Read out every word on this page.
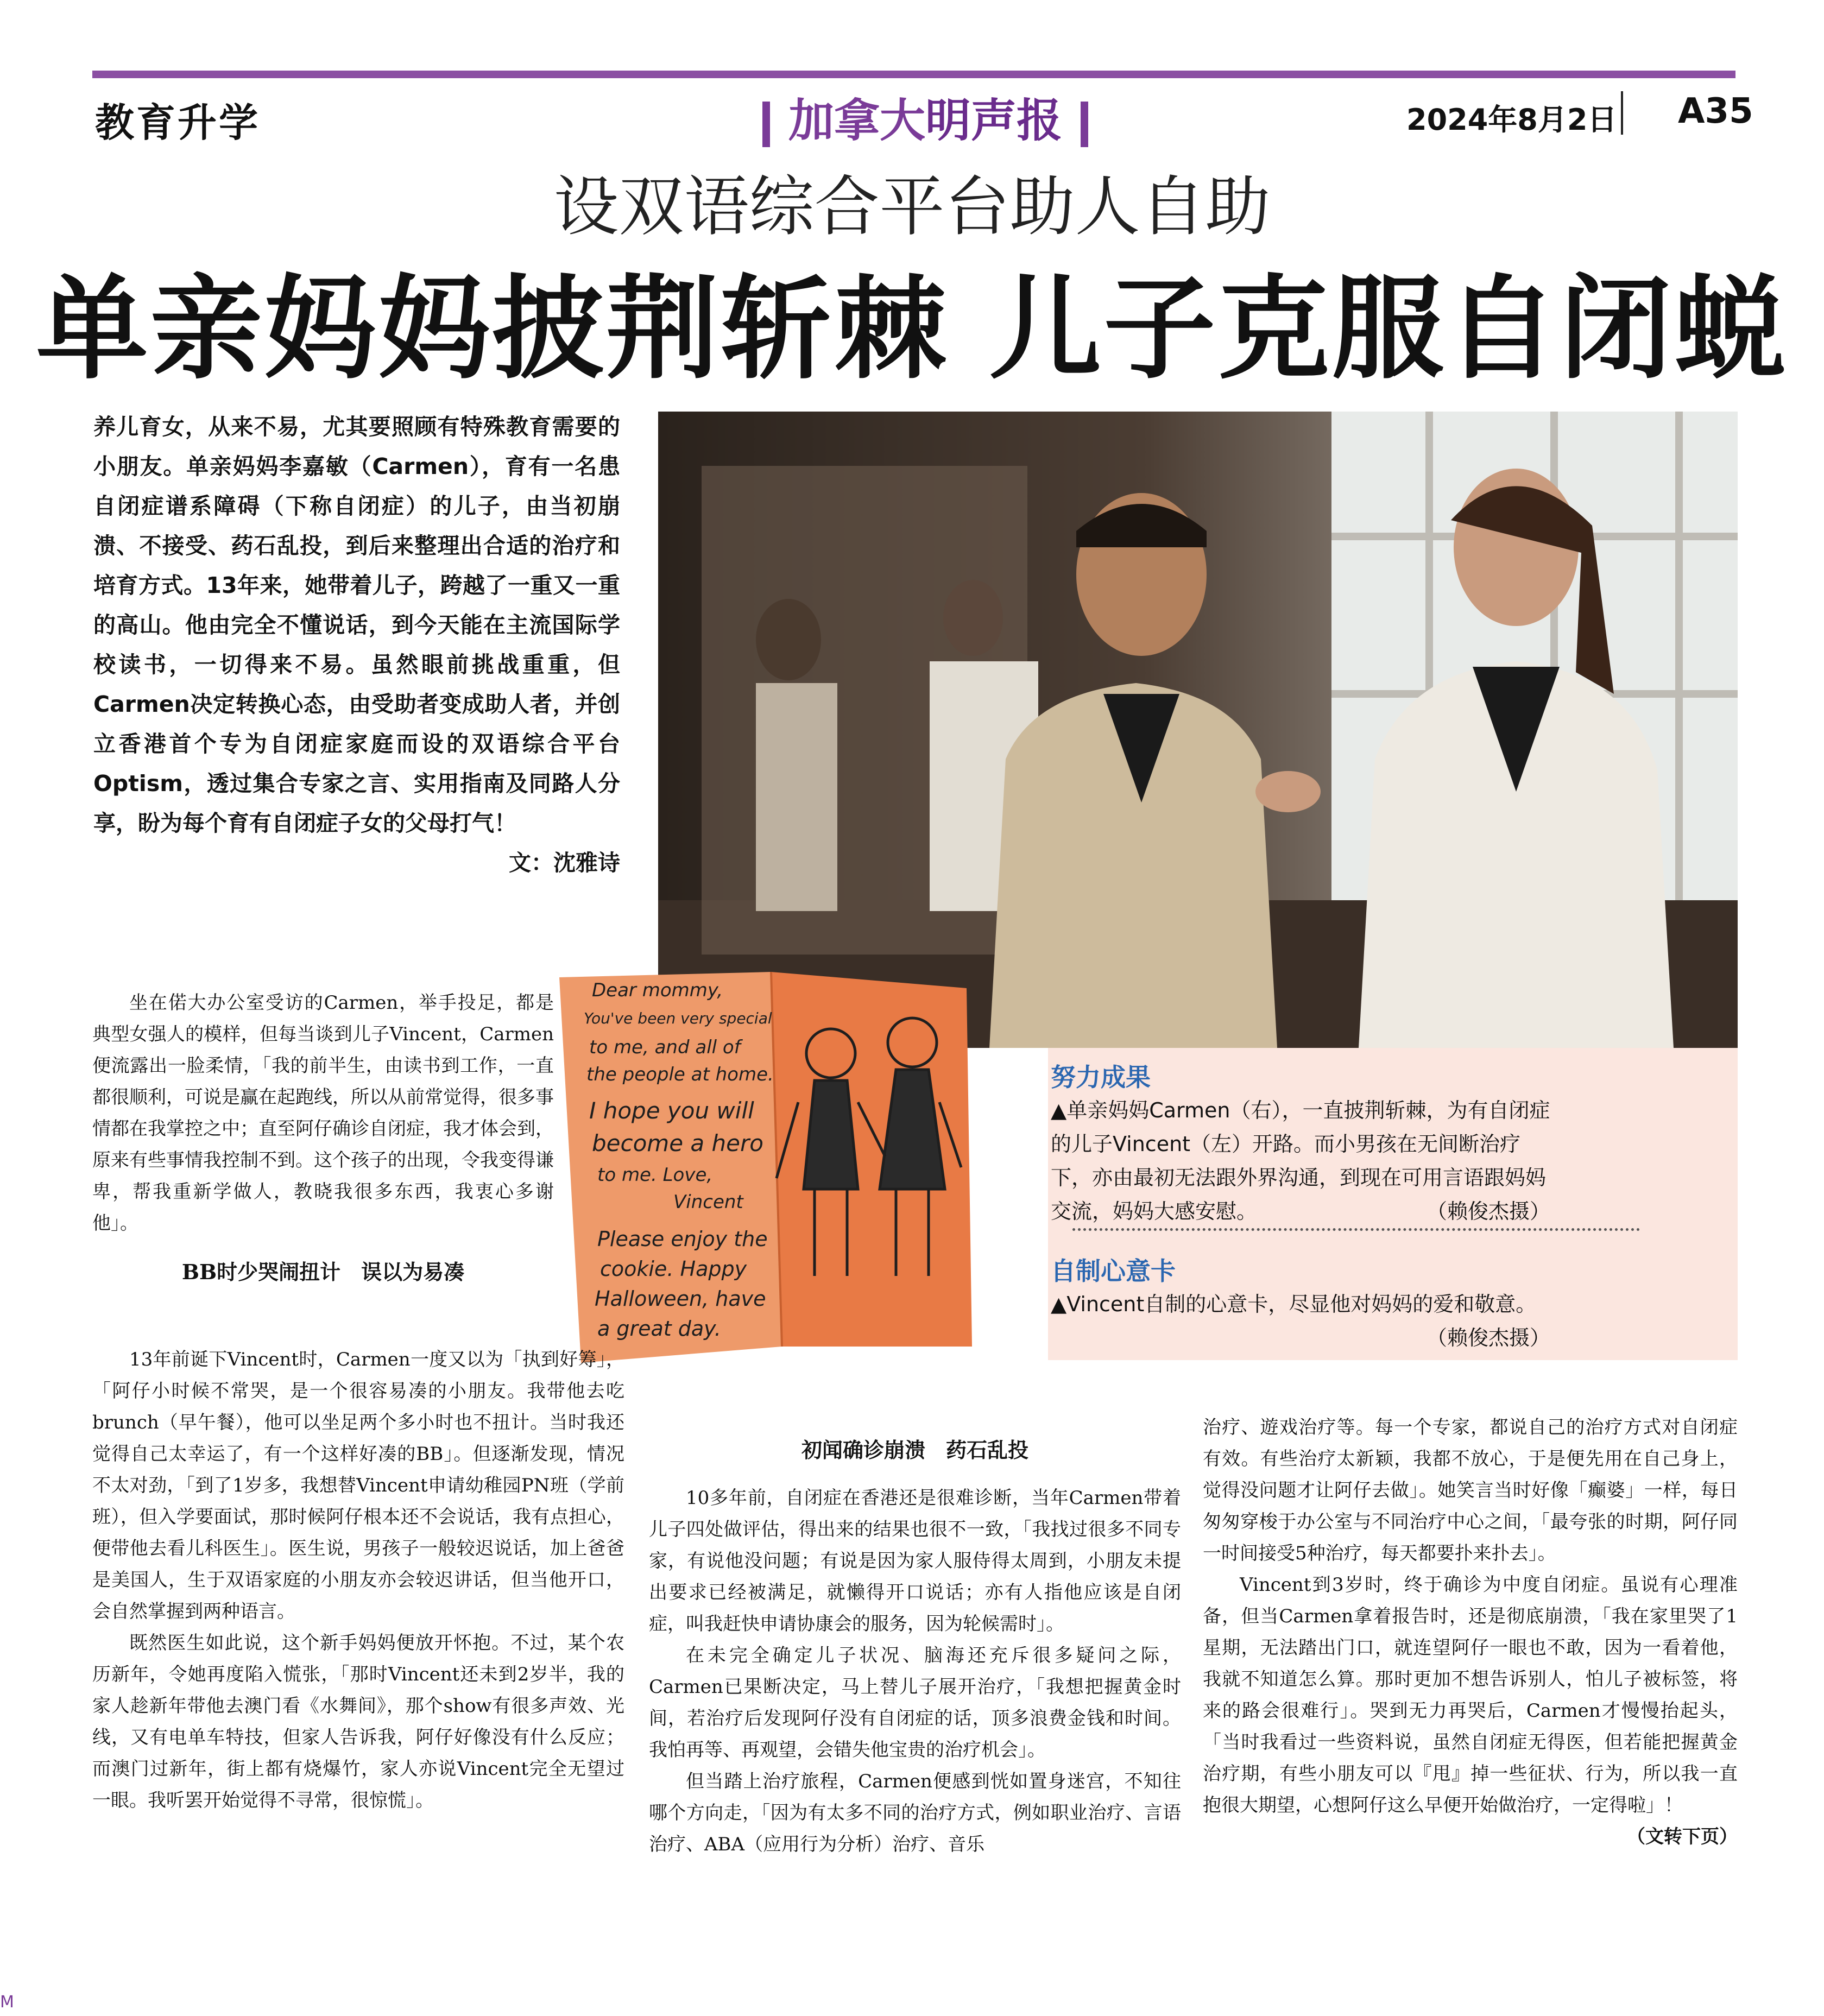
教育升学	加拿大明声报	2024年8月2日 A35
设双语综合平台助人自助
单亲妈妈披荆斩棘 儿子克服自闭蜕
养儿育女，从来不易，尤其要照顾有特殊教育需要的小朋友。单亲妈妈李嘉敏（Carmen），育有一名患自闭症谱系障碍（下称自闭症）的儿子，由当初崩溃、不接受、药石乱投，到后来整理出合适的治疗和培育方式。13年来，她带着儿子，跨越了一重又一重的高山。他由完全不懂说话，到今天能在主流国际学校读书，一切得来不易。虽然眼前挑战重重，但Carmen决定转换心态，由受助者变成助人者，并创立香港首个专为自闭症家庭而设的双语综合平台Optism，透过集合专家之言、实用指南及同路人分享，盼为每个育有自闭症子女的父母打气！
文：沈雅诗
Dear mommy,
You've been very special
to me, and all of
the people at home.
I hope you will
become a hero
to me. Love,
Vincent
Please enjoy the
cookie. Happy
Halloween, have
a great day.
努力成果
▲单亲妈妈Carmen（右），一直披荆斩棘，为有自闭症的儿子Vincent（左）开路。而小男孩在无间断治疗下，亦由最初无法跟外界沟通，到现在可用言语跟妈妈交流，妈妈大感安慰。	（赖俊杰摄）
自制心意卡
▲Vincent自制的心意卡，尽显他对妈妈的爱和敬意。
（赖俊杰摄）

坐在偌大办公室受访的Carmen，举手投足，都是典型女强人的模样，但每当谈到儿子Vincent，Carmen便流露出一脸柔情，「我的前半生，由读书到工作，一直都很顺利，可说是赢在起跑线，所以从前常觉得，很多事情都在我掌控之中；直至阿仔确诊自闭症，我才体会到，原来有些事情我控制不到。这个孩子的出现，令我变得谦卑，帮我重新学做人，教晓我很多东西，我衷心多谢他」。

BB时少哭闹扭计　误以为易凑

13年前诞下Vincent时，Carmen一度又以为「执到好筹」，「阿仔小时候不常哭，是一个很容易凑的小朋友。我带他去吃brunch（早午餐），他可以坐足两个多小时也不扭计。当时我还觉得自己太幸运了，有一个这样好凑的BB」。但逐渐发现，情况不太对劲，「到了1岁多，我想替Vincent申请幼稚园PN班（学前班），但入学要面试，那时候阿仔根本还不会说话，我有点担心，便带他去看儿科医生」。医生说，男孩子一般较迟说话，加上爸爸是美国人，生于双语家庭的小朋友亦会较迟讲话，但当他开口，会自然掌握到两种语言。

既然医生如此说，这个新手妈妈便放开怀抱。不过，某个农历新年，令她再度陷入慌张，「那时Vincent还未到2岁半，我的家人趁新年带他去澳门看《水舞间》，那个show有很多声效、光线，又有电单车特技，但家人告诉我，阿仔好像没有什么反应；而澳门过新年，街上都有烧爆竹，家人亦说Vincent完全无望过一眼。我听罢开始觉得不寻常，很惊慌」。

初闻确诊崩溃　药石乱投

10多年前，自闭症在香港还是很难诊断，当年Carmen带着儿子四处做评估，得出来的结果也很不一致，「我找过很多不同专家，有说他没问题；有说是因为家人服侍得太周到，小朋友未提出要求已经被满足，就懒得开口说话；亦有人指他应该是自闭症，叫我赶快申请协康会的服务，因为轮候需时」。

在未完全确定儿子状况、脑海还充斥很多疑问之际，Carmen已果断决定，马上替儿子展开治疗，「我想把握黄金时间，若治疗后发现阿仔没有自闭症的话，顶多浪费金钱和时间。我怕再等、再观望，会错失他宝贵的治疗机会」。

但当踏上治疗旅程，Carmen便感到恍如置身迷宫，不知往哪个方向走，「因为有太多不同的治疗方式，例如职业治疗、言语治疗、ABA（应用行为分析）治疗、音乐

治疗、遊戏治疗等。每一个专家，都说自己的治疗方式对自闭症有效。有些治疗太新颖，我都不放心，于是便先用在自己身上，觉得没问题才让阿仔去做」。她笑言当时好像「癫婆」一样，每日匆匆穿梭于办公室与不同治疗中心之间，「最夸张的时期，阿仔同一时间接受5种治疗，每天都要扑来扑去」。

Vincent到3岁时，终于确诊为中度自闭症。虽说有心理准备，但当Carmen拿着报告时，还是彻底崩溃，「我在家里哭了1星期，无法踏出门口，就连望阿仔一眼也不敢，因为一看着他，我就不知道怎么算。那时更加不想告诉别人，怕儿子被标签，将来的路会很难行」。哭到无力再哭后，Carmen才慢慢抬起头，「当时我看过一些资料说，虽然自闭症无得医，但若能把握黄金治疗期，有些小朋友可以『甩』掉一些征状、行为，所以我一直抱很大期望，心想阿仔这么早便开始做治疗，一定得啦」！

（文转下页）
M
